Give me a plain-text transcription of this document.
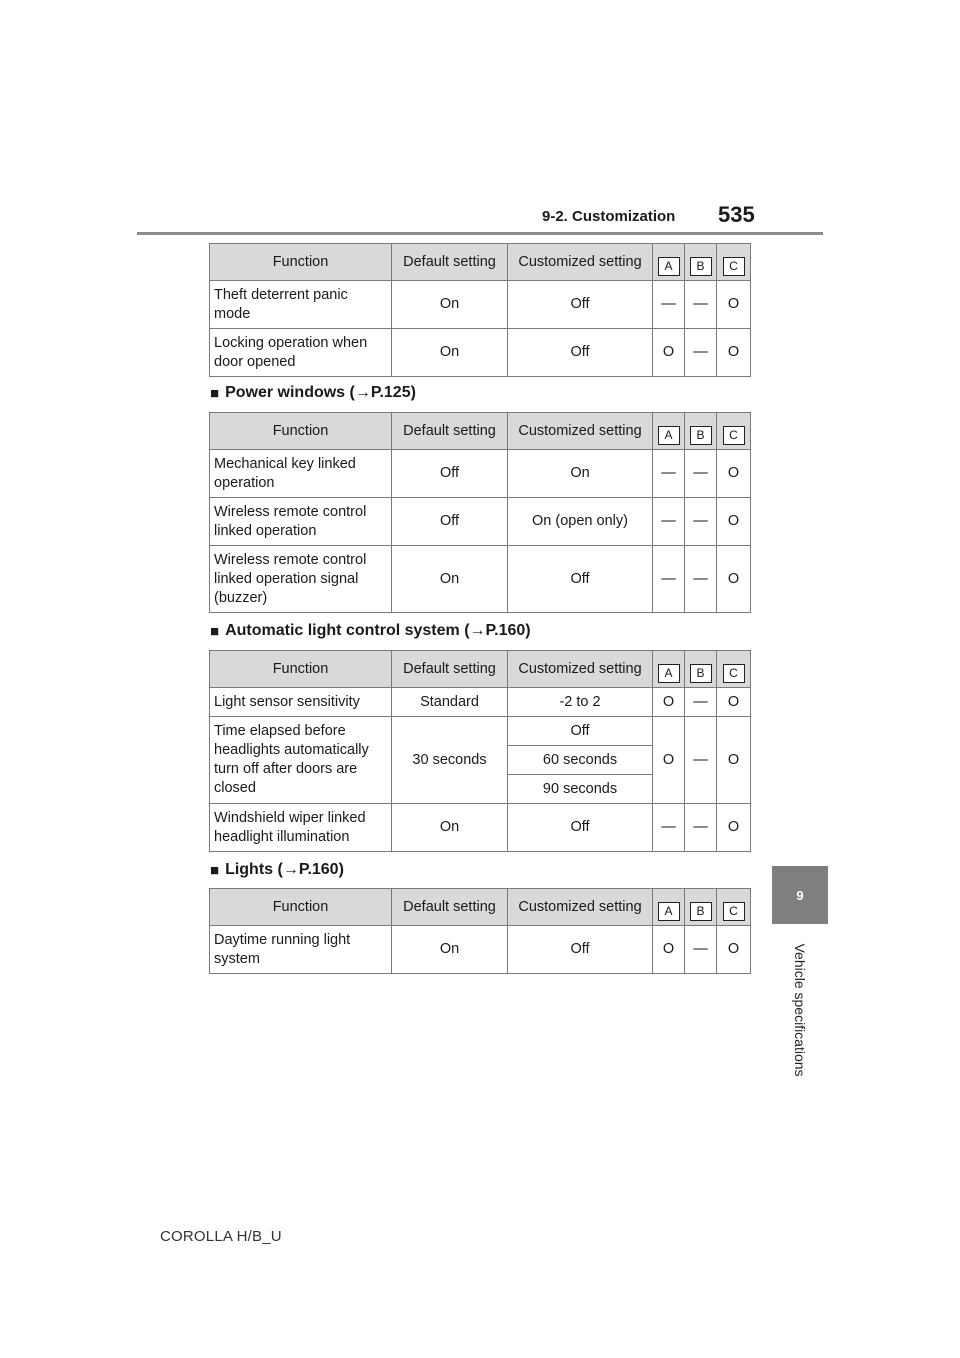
9-2. Customization 535
9
Vehicle specifications
Function	Default setting	Customized setting	A	B	C

Theft deterrent panic mode	On	Off	—	—	O
Locking operation when door opened	On	Off	O	—	O
■ Power windows (→P.125)
Function	Default setting	Customized setting	A	B	C

Mechanical key linked operation	Off	On	—	—	O
Wireless remote control linked operation	Off	On (open only)	—	—	O
Wireless remote control linked operation signal (buzzer)	On	Off	—	—	O
■ Automatic light control system (→P.160)
Function	Default setting	Customized setting	A	B	C

Light sensor sensitivity	Standard	-2 to 2	O	—	O
Time elapsed before headlights automatically turn off after doors are closed	30 seconds	Off	O	—	O
		60 seconds			
		90 seconds			
Windshield wiper linked headlight illumination	On	Off	—	—	O
■ Lights (→P.160)
Function	Default setting	Customized setting	A	B	C

Daytime running light system	On	Off	O	—	O
COROLLA H/B_U
